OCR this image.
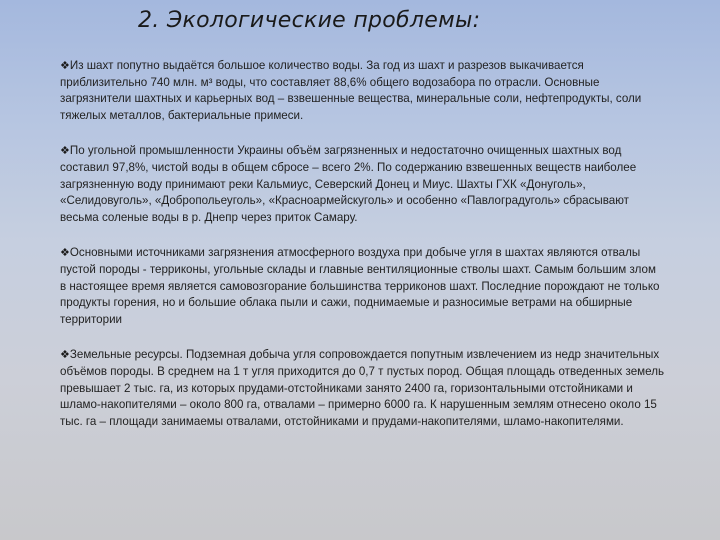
2. Экологические проблемы:

❖Из шахт попутно выдаётся большое количество воды. За год из шахт и разрезов выкачивается приблизительно 740 млн. м³ воды, что составляет 88,6% общего водозабора по отрасли. Основные загрязнители шахтных и карьерных вод – взвешенные вещества, минеральные соли, нефтепродукты, соли тяжелых металлов, бактериальные примеси.

❖По угольной промышленности Украины объём загрязненных и недостаточно очищенных шахтных вод составил 97,8%, чистой воды в общем сбросе – всего 2%. По содержанию взвешенных веществ наиболее загрязненную воду принимают реки Кальмиус, Северский Донец и Миус. Шахты ГХК «Донуголь», «Селидовуголь», «Добропольеуголь», «Красноармейскуголь» и особенно «Павлоградуголь» сбрасывают весьма соленые воды в р. Днепр через приток Самару.

❖Основными источниками загрязнения атмосферного воздуха при добыче угля в шахтах являются отвалы пустой породы - терриконы, угольные склады и главные вентиляционные стволы шахт. Самым большим злом в настоящее время является самовозгорание большинства терриконов шахт. Последние порождают не только продукты горения, но и большие облака пыли и сажи, поднимаемые и разносимые ветрами на обширные территории

❖Земельные ресурсы. Подземная добыча угля сопровождается попутным извлечением из недр значительных объёмов породы. В среднем на 1 т угля приходится до 0,7 т пустых пород. Общая площадь отведенных земель превышает 2 тыс. га, из которых прудами-отстойниками занято 2400 га, горизонтальными отстойниками и шламо-накопителями – около 800 га, отвалами – примерно 6000 га. К нарушенным землям отнесено около 15 тыс. га – площади занимаемы отвалами, отстойниками и прудами-накопителями, шламо-накопителями.
